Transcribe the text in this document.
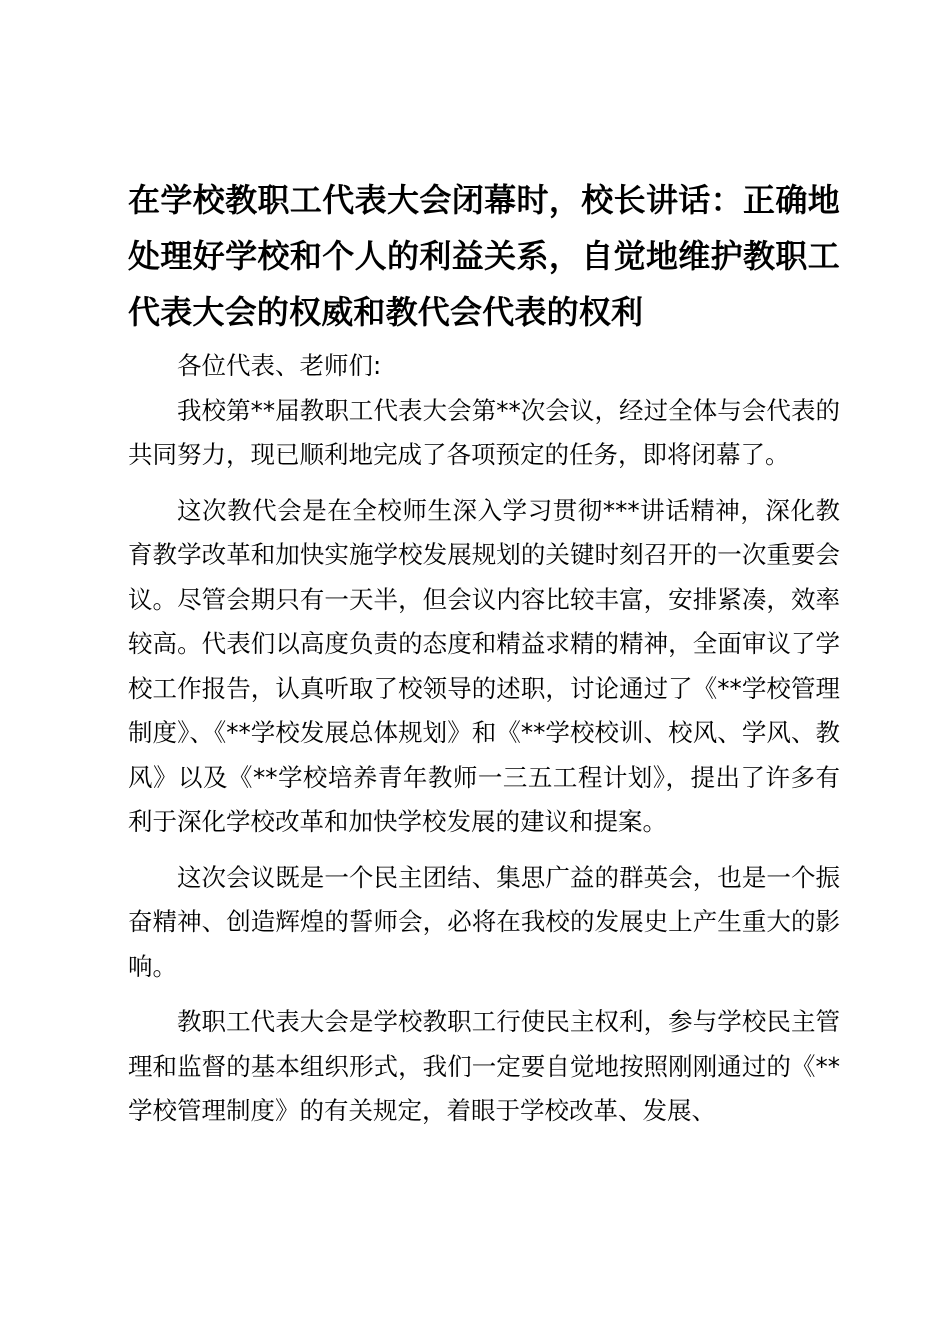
在学校教职工代表大会闭幕时，校长讲话：正确地处理好学校和个人的利益关系，自觉地维护教职工代表大会的权威和教代会代表的权利

各位代表、老师们:

我校第**届教职工代表大会第**次会议，经过全体与会代表的共同努力，现已顺利地完成了各项预定的任务，即将闭幕了。

这次教代会是在全校师生深入学习贯彻***讲话精神，深化教育教学改革和加快实施学校发展规划的关键时刻召开的一次重要会议。尽管会期只有一天半，但会议内容比较丰富，安排紧凑，效率较高。代表们以高度负责的态度和精益求精的精神，全面审议了学校工作报告，认真听取了校领导的述职，讨论通过了《**学校管理制度》、《**学校发展总体规划》和《**学校校训、校风、学风、教风》以及《**学校培养青年教师一三五工程计划》，提出了许多有利于深化学校改革和加快学校发展的建议和提案。

这次会议既是一个民主团结、集思广益的群英会，也是一个振奋精神、创造辉煌的誓师会，必将在我校的发展史上产生重大的影响。

教职工代表大会是学校教职工行使民主权利，参与学校民主管理和监督的基本组织形式，我们一定要自觉地按照刚刚通过的《**学校管理制度》的有关规定，着眼于学校改革、发展、
